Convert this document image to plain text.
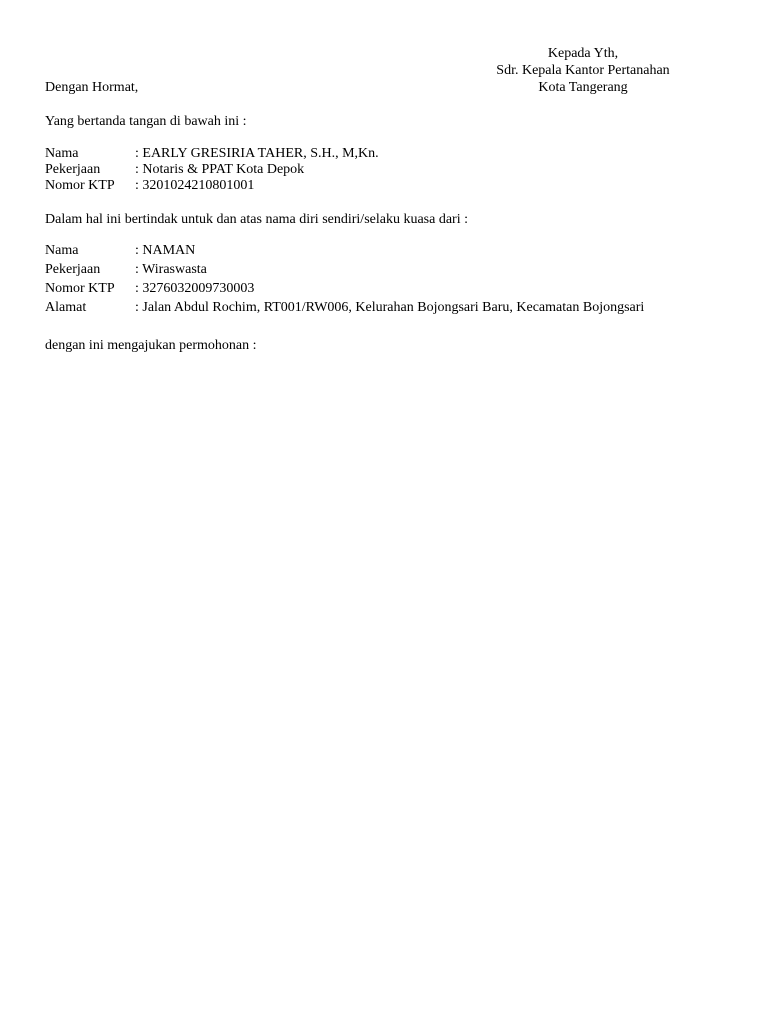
Kepada Yth,
Sdr. Kepala Kantor Pertanahan
Kota Tangerang
Dengan Hormat,
Yang bertanda tangan di bawah ini :
Nama	: EARLY GRESIRIA TAHER, S.H., M,Kn.
Pekerjaan : Notaris & PPAT Kota Depok
Nomor KTP : 3201024210801001
Dalam hal ini bertindak untuk dan atas nama diri sendiri/selaku kuasa dari :
Nama	: NAMAN
Pekerjaan : Wiraswasta
Nomor KTP : 3276032009730003
Alamat	: Jalan Abdul Rochim, RT001/RW006, Kelurahan Bojongsari Baru, Kecamatan Bojongsari
dengan ini mengajukan permohonan :
